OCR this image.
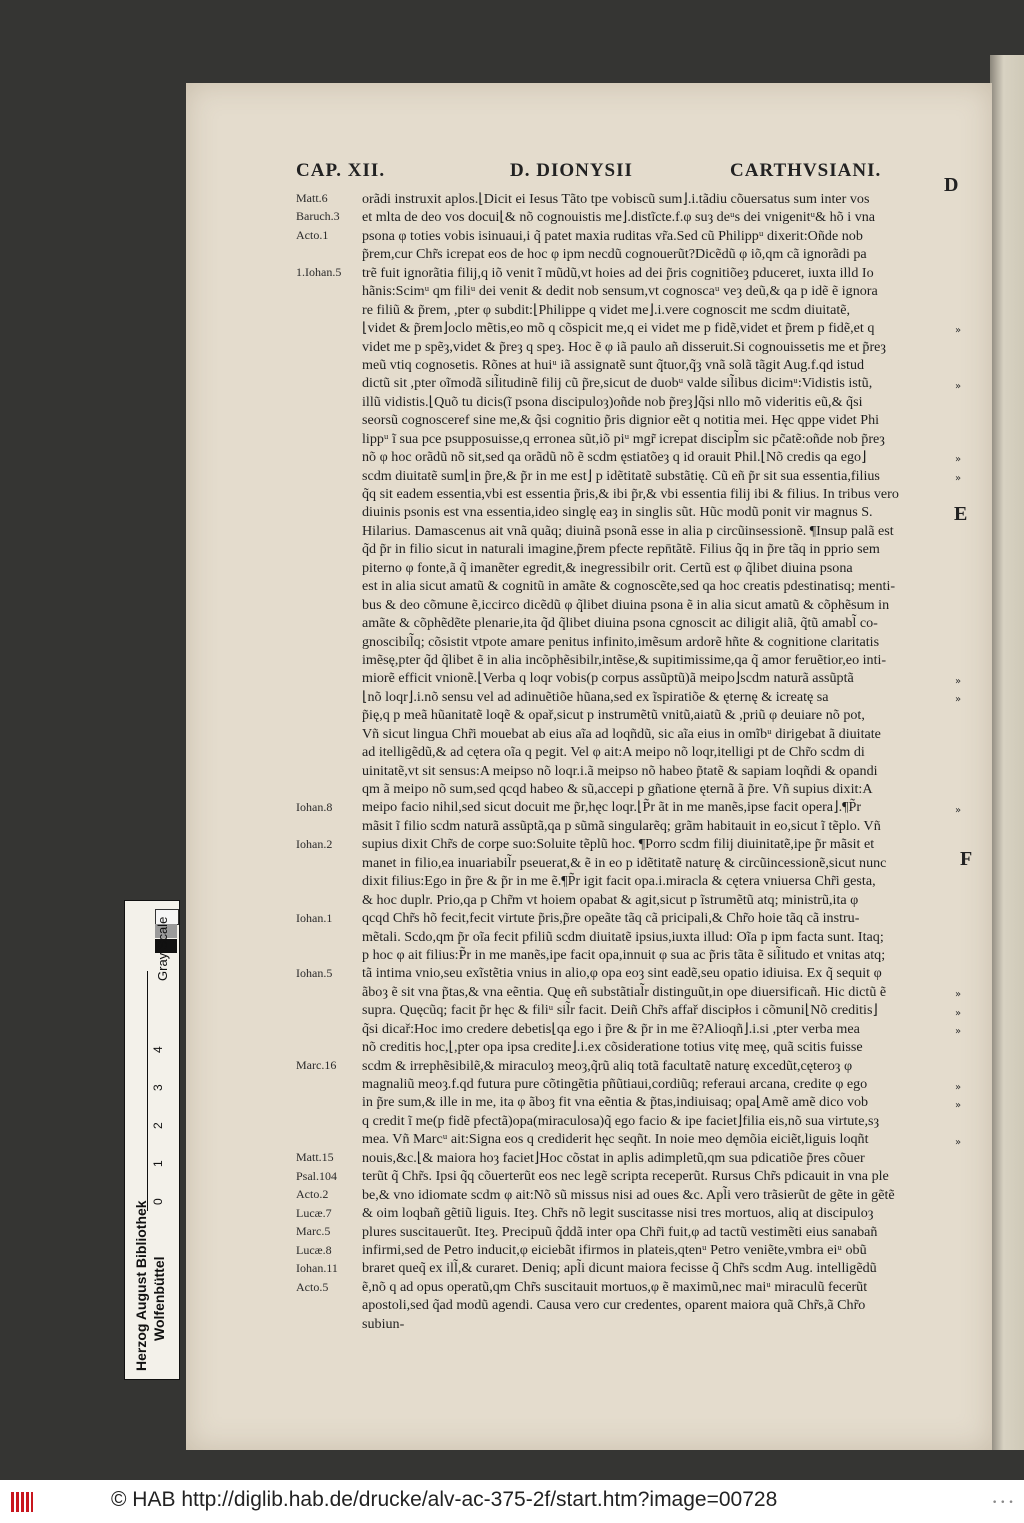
CAP. XII.	D. DIONYSII	CARTHVSIANI.
D
E
F
orãdi instruxit aplos.⌊Dicit ei Iesus Tãto tpe vobiscũ sum⌋.i.tãdiu cõuersatus sum inter vos
et mlta de deo vos docui⌊& nõ cognouistis me⌋.distĩcte.f.φ suȝ deᵘs dei vnigenitᵘ& hõ i vna
psona φ toties vobis isinuaui,i q̃ patet maxia ruditas vr̃a.Sed cũ Philippᵘ dixerit:Oñde nob
p̃rem,cur Chr̃s icrepat eos de hoc φ ipm necdũ cognouerũt?Dicẽdũ φ iõ,qm cã ignorãdi pa
trẽ fuit ignorãtia filij,q iõ venit ĩ mũdũ,vt hoies ad dei p̃ris cognitiõeȝ pduceret, iuxta illd Io
hãnis:Scimᵘ qm filiᵘ dei venit & dedit nob sensum,vt cognoscaᵘ veȝ deũ,& qa p idẽ ẽ ignora
re filiũ & p̃rem, ,pter φ subdit:⌊Philippe q videt me⌋.i.vere cognoscit me scdm diuitatẽ,
⌊videt & p̃rem⌋oclo mẽtis,eo mõ q cõspicit me,q ei videt me p fidẽ,videt et p̃rem p fidẽ,et q
videt me p spẽȝ,videt & p̃reȝ q speȝ. Hoc ẽ φ iã paulo añ disseruit.Si cognouissetis me et p̃reȝ
meũ vtiq cognosetis. Rõnes at huiᵘ iã assignatẽ sunt q̃tuor,q̃ȝ vnã solã tãgit Aug.f.qd istud
dictũ sit ,pter oĩmodã sil̃itudinẽ filij cũ p̃re,sicut de duobᵘ valde sil̃ibus dicimᵘ:Vidistis istũ,
illũ vidistis.⌊Quõ tu dicis(ĩ psona discipuloȝ)oñde nob p̃reȝ⌋q̃si nllo mõ videritis eũ,& q̃si
seorsũ cognosceref sine me,& q̃si cognitio p̃ris dignior eẽt q notitia mei. Hęc qppe videt Phi
lippᵘ ĩ sua pce psupposuisse,q erronea sũt,iõ piᵘ mgr̃ icrepat discipl̃m sic pc̃atẽ:oñde nob p̃reȝ
nõ φ hoc orãdũ nõ sit,sed qa orãdũ nõ ẽ scdm ęstiatõeȝ q id orauit Phil.⌊Nõ credis qa ego⌋
scdm diuitatẽ sum⌊in p̃re,& p̃r in me est⌋ p idẽtitatẽ substãtię. Cũ eñ p̃r sit sua essentia,filius
q̃q sit eadem essentia,vbi est essentia p̃ris,& ibi p̃r,& vbi essentia filij ibi & filius. In tribus vero
diuinis psonis est vna essentia,ideo singlę eaȝ in singlis sũt. Hũc modũ ponit vir magnus S.
Hilarius. Damascenus ait vnã quãq; diuinã psonã esse in alia p circũinsessionẽ. ¶Insup palã est
q̃d p̃r in filio sicut in naturali imagine,p̃rem pfecte repn̄tãtẽ. Filius q̃q in p̃re tãq in pprio sem
piterno φ fonte,ã q̃ imanẽter egredit,& inegressibilr orit. Certũ est φ q̃libet diuina psona
est in alia sicut amatũ & cognitũ in amãte & cognoscẽte,sed qa hoc creatis pdestinatisq; menti-
bus & deo cõmune ẽ,iccirco dicẽdũ φ q̃libet diuina psona ẽ in alia sicut amatũ & cõphẽsum in
amãte & cõphẽdẽte plenarie,ita q̃d q̃libet diuina psona cgnoscit ac diligit aliã, q̃tũ amabl̃ co-
gnoscibil̃q; cõsistit vtpote amare penitus infinito,imẽsum ardorẽ hñte & cognitione claritatis
imẽsę,pter q̃d q̃libet ẽ in alia incõphẽsibilr,intẽse,& supitimissime,qa q̃ amor feruẽtior,eo inti-
miorẽ efficit vnionẽ.⌊Verba q loqr vobis(p corpus assũptũ)ã meipo⌋scdm naturã assũptã
⌊nõ loqr⌋.i.nõ sensu vel ad adinuẽtiõe hũana,sed ex ĩspiratiõe & ęternę & icreatę sa
p̃ię,q p meã hũanitatẽ loqẽ & opař,sicut p instrumẽtũ vnitũ,aiatũ & ,priũ φ deuiare nõ pot,
Vñ sicut lingua Chr̃i mouebat ab eius aĩa ad loqñdũ, sic aĩa eius in omĩbᵘ dirigebat ã diuitate
ad itelligẽdũ,& ad cętera oĩa q pegit. Vel φ ait:A meipo nõ loqr,itelligi pt de Chr̃o scdm di
uinitatẽ,vt sit sensus:A meipso nõ loqr.i.ã meipso nõ habeo p̃tatẽ & sapiam loqñdi & opandi
qm ã meipo nõ sum,sed qcqd habeo & sũ,accepi p gñatione ęternã ã p̃re. Vñ supius dixit:A
meipo facio nihil,sed sicut docuit me p̃r,hęc loqr.⌊P̃r ãt in me manẽs,ipse facit opera⌋.¶P̃r
mãsit ĩ filio scdm naturã assũptã,qa p sũmã singularẽq; grãm habitauit in eo,sicut ĩ tẽplo. Vñ
supius dixit Chr̃s de corpe suo:Soluite tẽplũ hoc. ¶Porro scdm filij diuinitatẽ,ipe p̃r mãsit et
manet in filio,ea inuariabil̃r pseuerat,& ẽ in eo p idẽtitatẽ naturę & circũincessionẽ,sicut nunc
dixit filius:Ego in p̃re & p̃r in me ẽ.¶P̃r igit facit opa.i.miracla & cętera vniuersa Chr̃i gesta,
& hoc duplr. Prio,qa p Chr̃m vt hoiem opabat & agit,sicut p ĩstrumẽtũ atq; ministrũ,ita φ
qcqd Chr̃s hõ fecit,fecit virtute p̃ris,p̃re opeãte tãq cã pricipali,& Chr̃o hoie tãq cã instru-
mẽtali. Scdo,qm p̃r oĩa fecit pfiliũ scdm diuitatẽ ipsius,iuxta illud: Oĩa p ipm facta sunt. Itaq;
p hoc φ ait filius:P̃r in me manẽs,ipe facit opa,innuit φ sua ac p̃ris tãta ẽ sil̃itudo et vnitas atq;
tã intima vnio,seu exĩstẽtia vnius in alio,φ opa eoȝ sint eadẽ,seu opatio idiuisa. Ex q̃ sequit φ
ãboȝ ẽ sit vna p̃tas,& vna eẽntia. Quę eñ substãtial̃r distinguũt,in ope diuersificañ. Hic dictũ ẽ
supra. Quęcũq; facit p̃r hęc & filiᵘ sil̃r facit. Deiñ Chr̃s affař discipłos i cõmuni⌊Nõ creditis⌋
q̃si dicař:Hoc imo credere debetis⌊qa ego i p̃re & p̃r in me ẽ?Alioqñ⌋.i.si ,pter verba mea
nõ creditis hoc,⌊,pter opa ipsa credite⌋.i.ex cõsideratione totius vitę meę, quã scitis fuisse
scdm & irrephẽsibilẽ,& miraculoȝ meoȝ,q̃rũ aliq totã facultatẽ naturę excedũt,cęteroȝ φ
magnaliũ meoȝ.f.qd futura pure cõtingẽtia pñũtiaui,cordiũq; referaui arcana, credite φ ego
in p̃re sum,& ille in me, ita φ ãboȝ fit vna eẽntia & p̃tas,indiuisaq; opa⌊Amẽ amẽ dico vob
q credit ĩ me(p fidẽ pfectã)opa(miraculosa)q̃ ego facio & ipe faciet⌋filia eis,nõ sua virtute,sȝ
mea. Vñ Marcᵘ ait:Signa eos q crediderit hęc seqñt. In noie meo dęmõia eiciẽt,liguis loqñt
nouis,&c.⌊& maiora hoȝ faciet⌋Hoc cõstat in aplis adimpletũ,qm sua pdicatiõe p̃res cõuer
terũt q̃ Chr̃s. Ipsi q̃q cõuerterũt eos nec legẽ scripta receperũt. Rursus Chr̃s pdicauit in vna ple
be,& vno idiomate scdm φ ait:Nõ sũ missus nisi ad oues &c. Apl̃i vero trãsierũt de gẽte in gẽtẽ
& oim loqbañ gẽtiũ liguis. Iteȝ. Chr̃s nõ legit suscitasse nisi tres mortuos, aliq at discipuloȝ
plures suscitauerũt. Iteȝ. Precipuũ q̃ddã inter opa Chr̃i fuit,φ ad tactũ vestimẽti eius sanabañ
infirmi,sed de Petro inducit,φ eiciebãt ifirmos in plateis,qtenᵘ Petro veniẽte,vmbra eiᵘ obũ
braret queq̃ ex ill̃,& curaret. Deniq; apl̃i dicunt maiora fecisse q̃ Chr̃s scdm Aug. intelligẽdũ
ẽ,nõ q ad opus operatũ,qm Chr̃s suscitauit mortuos,φ ẽ maximũ,nec maiᵘ miraculũ fecerũt
apostoli,sed q̃ad modũ agendi. Causa vero cur credentes, oparent maiora quã Chr̃s,ã Chr̃o
subiun-
Matt.6
Baruch.3
Acto.1
1.Iohan.5
Iohan.8
Iohan.2
Iohan.1
Iohan.5
Marc.16
Matt.15
Psal.104
Acto.2
Lucæ.7
Marc.5
Lucæ.8
Iohan.11
Acto.5
»
»
»
»
»
»
»
»
»
»
»
»
»
Gray Scale
Herzog August Bibliothek Wolfenbüttel
4
3
2
1
0
© HAB http://diglib.hab.de/drucke/alv-ac-375-2f/start.htm?image=00728	• • •
